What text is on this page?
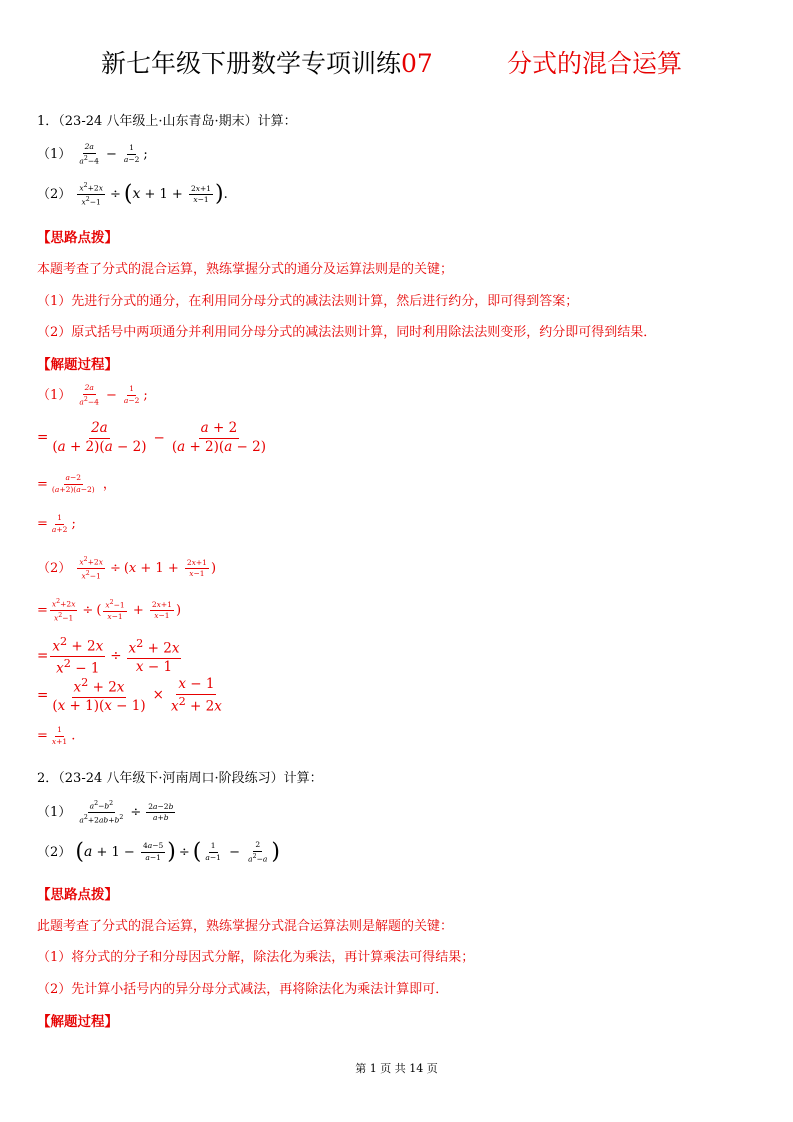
新七年级下册数学专项训练07	分式的混合运算
1．（23-24 八年级上·山东青岛·期末）计算：
$(1) \frac{2a}{a^2-4} - \frac{1}{a-2}$ ;
$(2) \frac{x^2+2x}{x^2-1} \div (x + 1 + \frac{2x+1}{x-1}$ ).
【思路点拨】
本题考查了分式的混合运算，熟练掌握分式的通分及运算法则是的关键；
（1）先进行分式的通分，在利用同分母分式的减法法则计算，然后进行约分，即可得到答案；
（2）原式括号中两项通分并利用同分母分式的减法法则计算，同时利用除法法则变形，约分即可得到结果．
【解题过程】
$(1) \frac{2a}{a^2-4} - \frac{1}{a-2}$ ;
= $\frac{2a}{(a + 2)(a - 2)} - \frac{a + 2}{(a + 2)(a - 2)}$
= $\frac{a-2}{(a+2)(a-2)}$ ，
= $\frac{1}{a+2}$ ;
$(2) \frac{x^2+2x}{x^2-1} \div (x + 1 + \frac{2x+1}{x-1}$ )
= $\frac{x^2+2x}{x^2-1}$ ÷ ( $\frac{x^2-1}{x-1} + \frac{2x+1}{x-1}$ )
= $\frac{x^2 + 2x}{x^2 - 1} \div \frac{x^2 + 2x}{x - 1}$
= $\frac{x^2 + 2x}{(x + 1)(x - 1)} \times \frac{x - 1}{x^2 + 2x}$
= $\frac{1}{x+1}$ .
2．（23-24 八年级下·河南周口·阶段练习）计算：
$(1) \frac{a^2-b^2}{a^2+2ab+b^2} \div \frac{2a-2b}{a+b}$
（2） ($a + 1 - \frac{4a-5}{a-1}$ ) ÷ ( $\frac{1}{a-1} - \frac{2}{a^2-a}$ )
【思路点拨】
此题考查了分式的混合运算，熟练掌握分式混合运算法则是解题的关键：
（1）将分式的分子和分母因式分解，除法化为乘法，再计算乘法可得结果；
（2）先计算小括号内的异分母分式减法，再将除法化为乘法计算即可．
【解题过程】
第 1 页 共 14 页
